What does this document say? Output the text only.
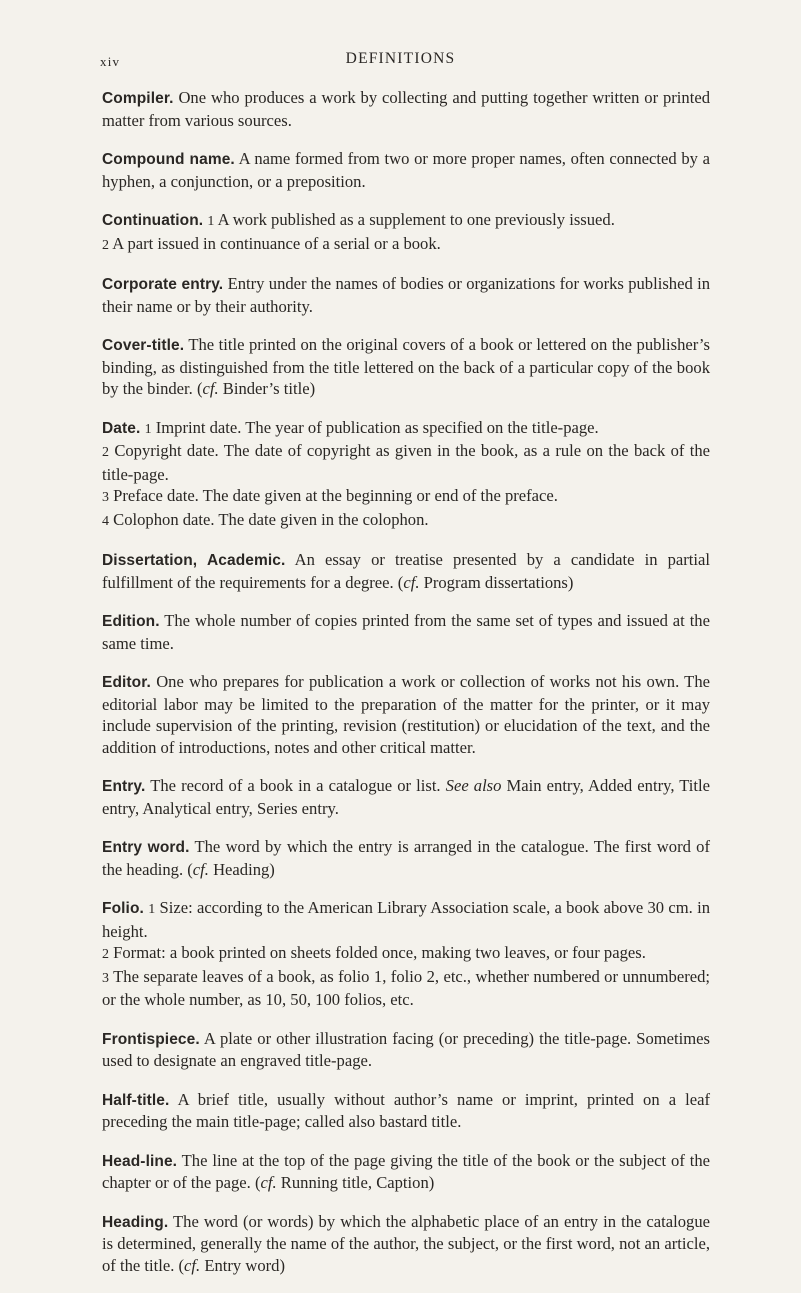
xiv	DEFINITIONS

Compiler. One who produces a work by collecting and putting together written or printed matter from various sources.

Compound name. A name formed from two or more proper names, often connected by a hyphen, a conjunction, or a preposition.

Continuation. 1 A work published as a supplement to one previously issued.

2 A part issued in continuance of a serial or a book.

Corporate entry. Entry under the names of bodies or organizations for works published in their name or by their authority.

Cover-title. The title printed on the original covers of a book or lettered on the publisher’s binding, as distinguished from the title lettered on the back of a particular copy of the book by the binder. (cf. Binder’s title)

Date. 1 Imprint date. The year of publication as specified on the title-page.

2 Copyright date. The date of copyright as given in the book, as a rule on the back of the title-page.

3 Preface date. The date given at the beginning or end of the preface.

4 Colophon date. The date given in the colophon.

Dissertation, Academic. An essay or treatise presented by a candidate in partial fulfillment of the requirements for a degree. (cf. Program dissertations)

Edition. The whole number of copies printed from the same set of types and issued at the same time.

Editor. One who prepares for publication a work or collection of works not his own. The editorial labor may be limited to the preparation of the matter for the printer, or it may include supervision of the printing, revision (restitution) or elucidation of the text, and the addition of introductions, notes and other critical matter.

Entry. The record of a book in a catalogue or list. See also Main entry, Added entry, Title entry, Analytical entry, Series entry.

Entry word. The word by which the entry is arranged in the catalogue. The first word of the heading. (cf. Heading)

Folio. 1 Size: according to the American Library Association scale, a book above 30 cm. in height.

2 Format: a book printed on sheets folded once, making two leaves, or four pages.

3 The separate leaves of a book, as folio 1, folio 2, etc., whether numbered or unnumbered; or the whole number, as 10, 50, 100 folios, etc.

Frontispiece. A plate or other illustration facing (or preceding) the title-page. Sometimes used to designate an engraved title-page.

Half-title. A brief title, usually without author’s name or imprint, printed on a leaf preceding the main title-page; called also bastard title.

Head-line. The line at the top of the page giving the title of the book or the subject of the chapter or of the page. (cf. Running title, Caption)

Heading. The word (or words) by which the alphabetic place of an entry in the catalogue is determined, generally the name of the author, the subject, or the first word, not an article, of the title. (cf. Entry word)
